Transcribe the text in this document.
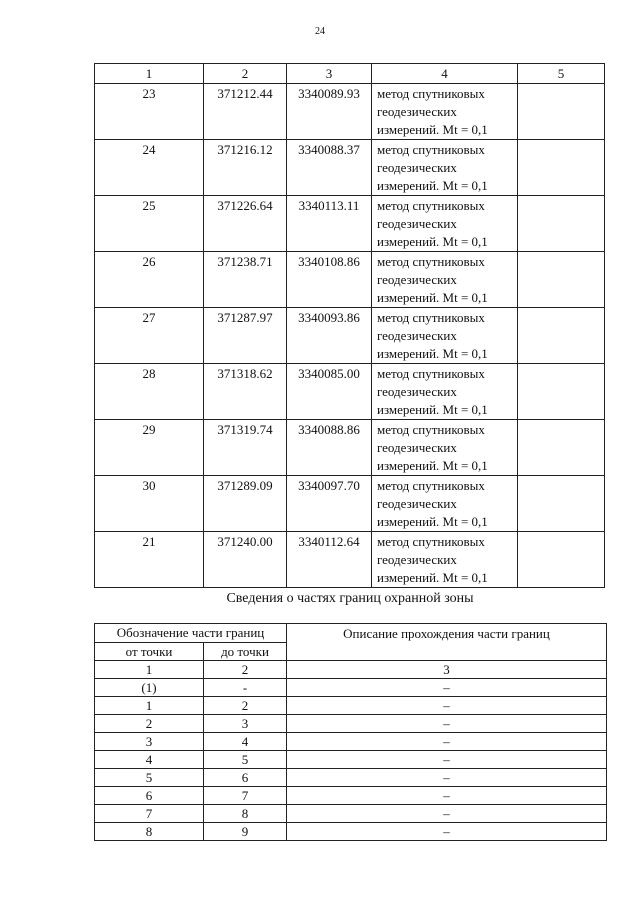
24
1	2	3	4	5
23	371212.44	3340089.93	метод спутниковых
геодезических
измерений. Mt = 0,1	

24	371216.12	3340088.37	метод спутниковых
геодезических
измерений. Mt = 0,1	

25	371226.64	3340113.11	метод спутниковых
геодезических
измерений. Mt = 0,1	

26	371238.71	3340108.86	метод спутниковых
геодезических
измерений. Mt = 0,1	

27	371287.97	3340093.86	метод спутниковых
геодезических
измерений. Mt = 0,1	

28	371318.62	3340085.00	метод спутниковых
геодезических
измерений. Mt = 0,1	

29	371319.74	3340088.86	метод спутниковых
геодезических
измерений. Mt = 0,1	

30	371289.09	3340097.70	метод спутниковых
геодезических
измерений. Mt = 0,1	

21	371240.00	3340112.64	метод спутниковых
геодезических
измерений. Mt = 0,1	

Сведения о частях границ охранной зоны
Обозначение части границ		Описание прохождения части границ
от точки	до точки	
1	2	3
(1)	-	–
1	2	–
2	3	–
3	4	–
4	5	–
5	6	–
6	7	–
7	8	–
8	9	–
